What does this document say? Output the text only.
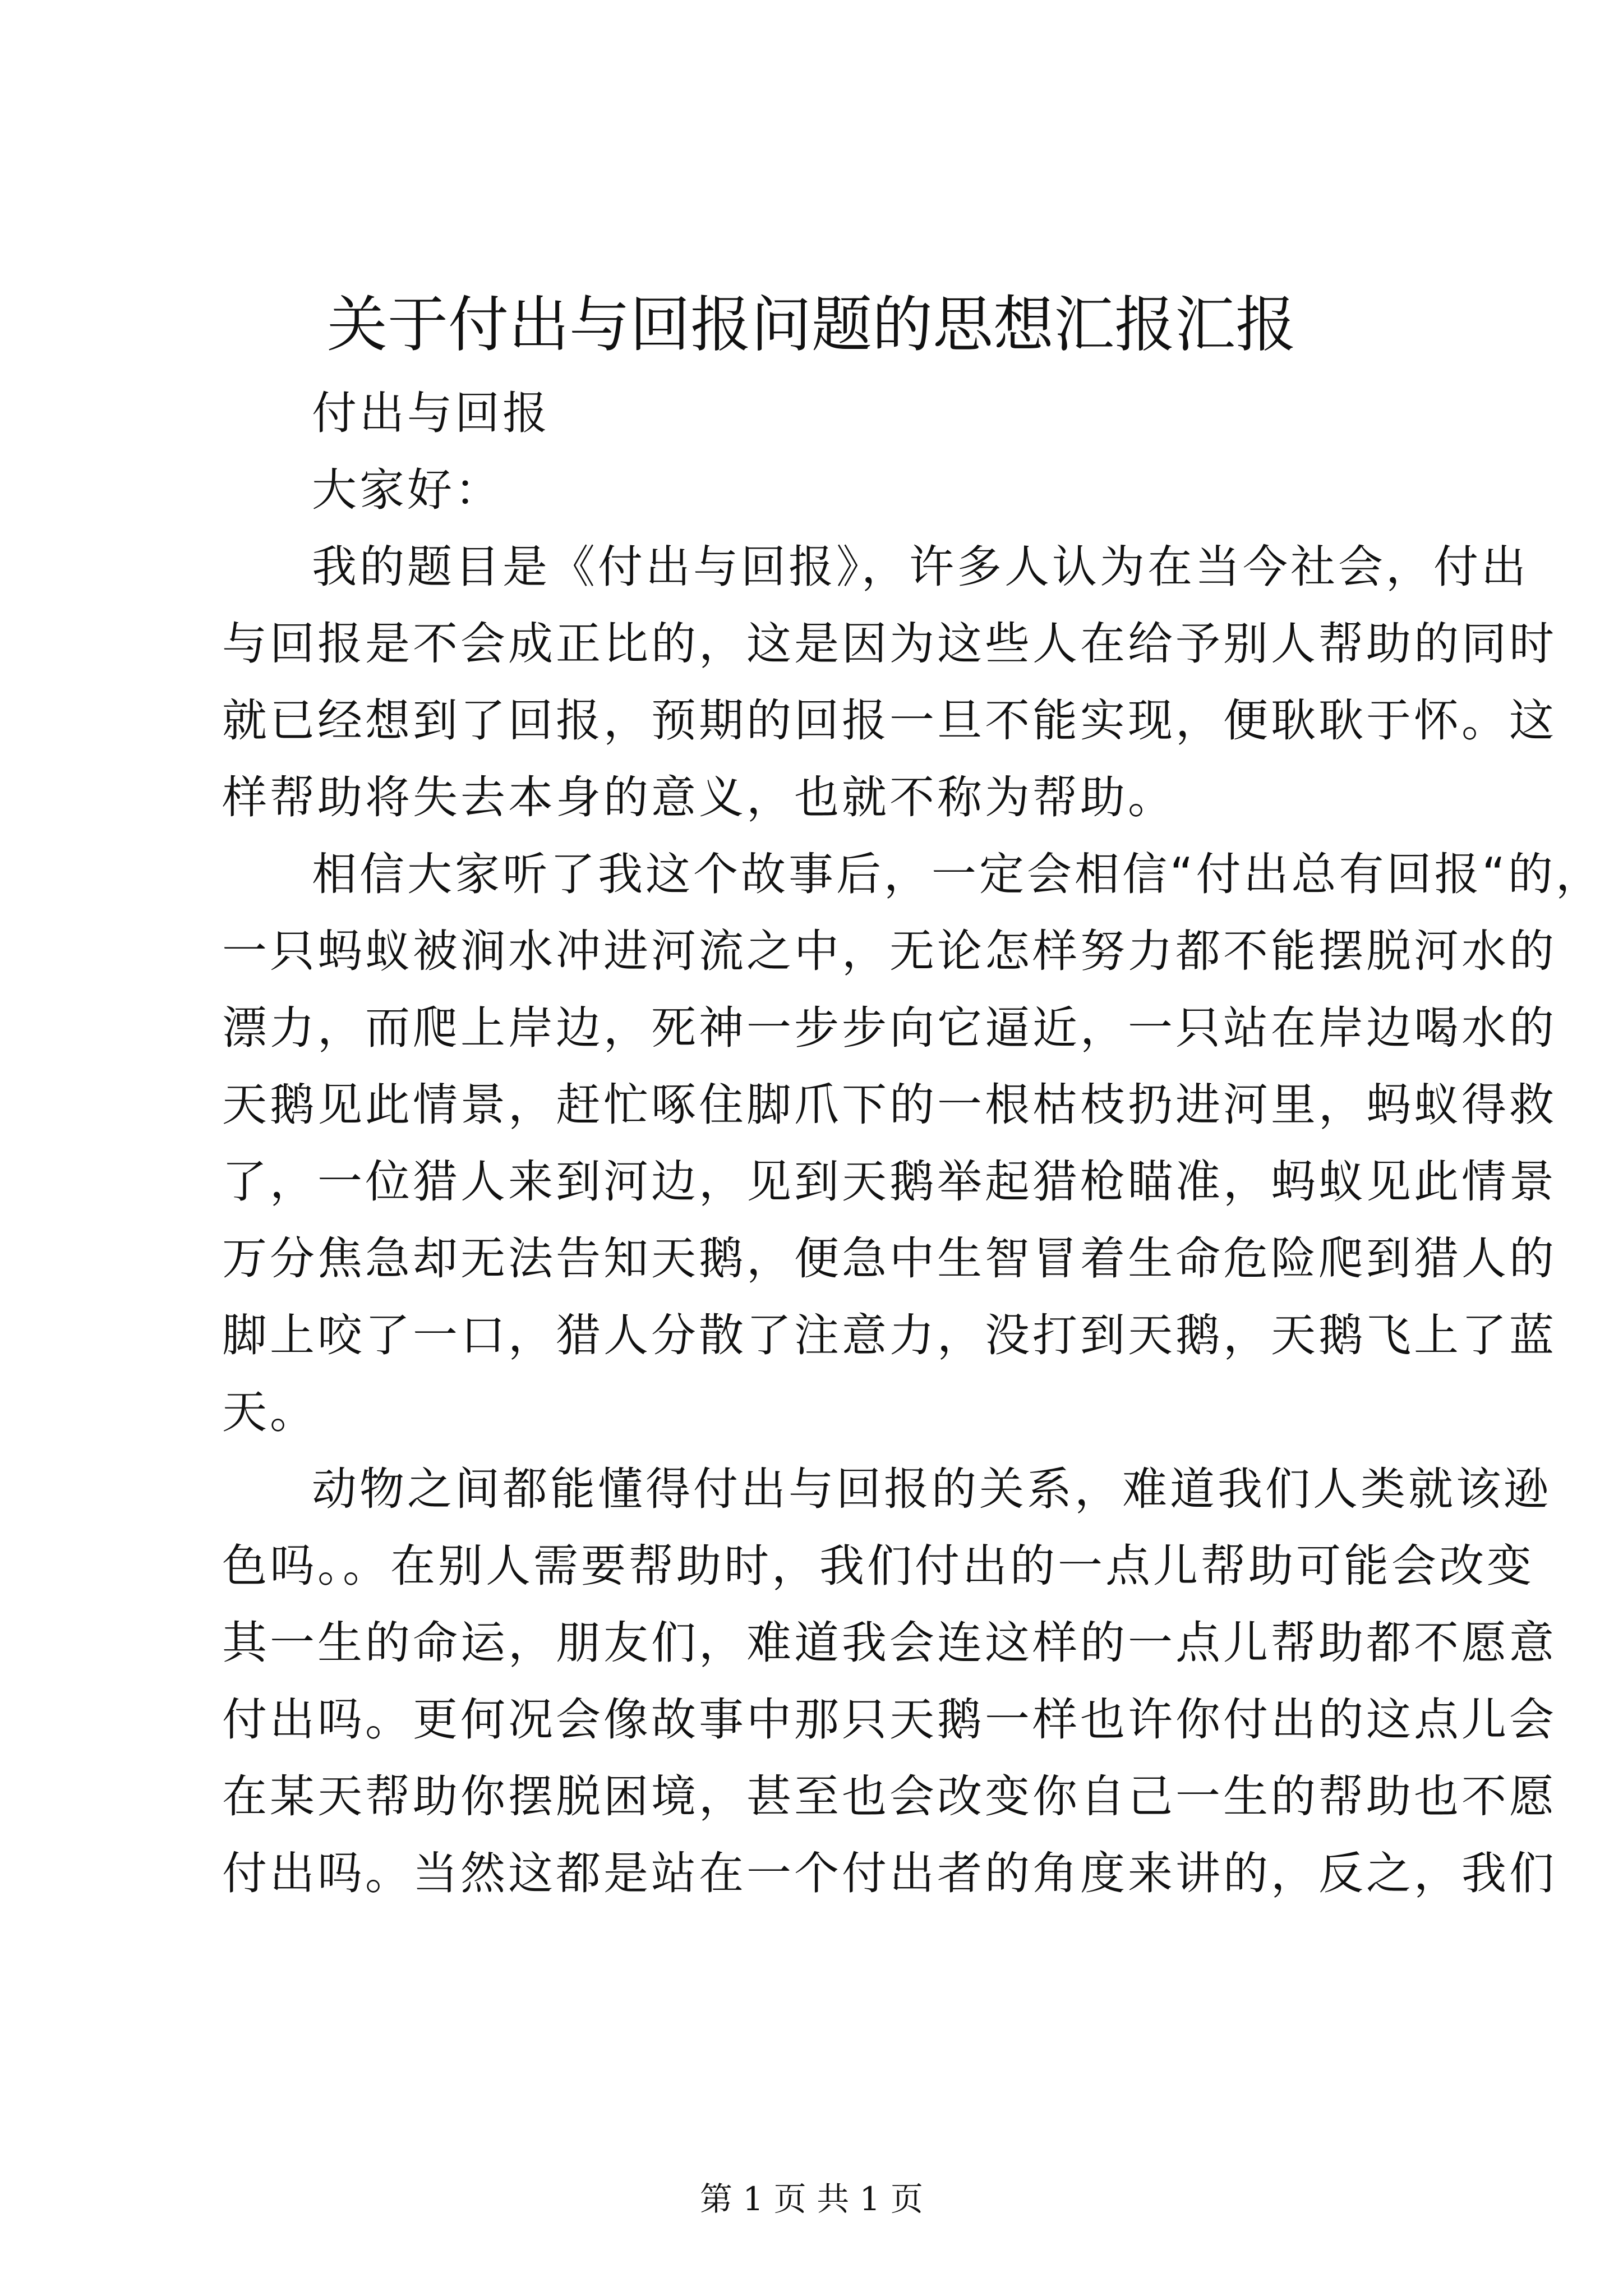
关于付出与回报问题的思想汇报汇报
付出与回报
大家好：
我的题目是《付出与回报》，许多人认为在当今社会，付出
与回报是不会成正比的，这是因为这些人在给予别人帮助的同时
就已经想到了回报，预期的回报一旦不能实现，便耿耿于怀。这
样帮助将失去本身的意义，也就不称为帮助。
相信大家听了我这个故事后，一定会相信“付出总有回报“的，
一只蚂蚁被涧水冲进河流之中，无论怎样努力都不能摆脱河水的
漂力，而爬上岸边，死神一步步向它逼近，一只站在岸边喝水的
天鹅见此情景，赶忙啄住脚爪下的一根枯枝扔进河里，蚂蚁得救
了，一位猎人来到河边，见到天鹅举起猎枪瞄准，蚂蚁见此情景
万分焦急却无法告知天鹅，便急中生智冒着生命危险爬到猎人的
脚上咬了一口，猎人分散了注意力，没打到天鹅，天鹅飞上了蓝
天。
动物之间都能懂得付出与回报的关系，难道我们人类就该逊
色吗。。在别人需要帮助时，我们付出的一点儿帮助可能会改变
其一生的命运，朋友们，难道我会连这样的一点儿帮助都不愿意
付出吗。更何况会像故事中那只天鹅一样也许你付出的这点儿会
在某天帮助你摆脱困境，甚至也会改变你自己一生的帮助也不愿
付出吗。当然这都是站在一个付出者的角度来讲的，反之，我们
第 1 页 共 1 页
